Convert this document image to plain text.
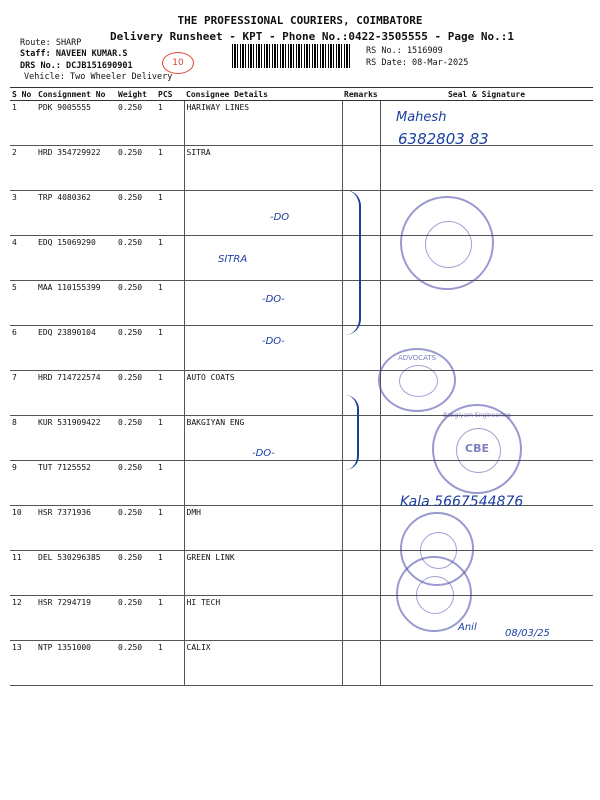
THE PROFESSIONAL COURIERS, COIMBATORE
Delivery Runsheet - KPT - Phone No.:0422-3505555 - Page No.:1
Route: SHARP
Staff: NAVEEN KUMAR.S
DRS No.: DCJB151690901
Vehicle: Two Wheeler Delivery
RS No.: 1516909
RS Date: 08-Mar-2025
10
S No	Consignment No	Weight	PCS	Consignee Details	Remarks	Seal & Signature
1	PDK 9005555	0.250	1	HARIWAY LINES		
2	HRD 354729922	0.250	1	SITRA		
3	TRP 4080362	0.250	1			
4	EDQ 15069290	0.250	1			
5	MAA 110155399	0.250	1			
6	EDQ 23890104	0.250	1			
7	HRD 714722574	0.250	1	AUTO COATS		
8	KUR 531909422	0.250	1	BAKGIYAN ENG		
9	TUT 7125552	0.250	1			
10	HSR 7371936	0.250	1	DMH		
11	DEL 530296385	0.250	1	GREEN LINK		
12	HSR 7294719	0.250	1	HI TECH		
13	NTP 1351000	0.250	1	CALIX		
Mahesh
6382803 83
-DO
SITRA
-DO-
-DO-
-DO-
Kala 5667544876
08/03/25
Anil
ADVOCATS
Bakgiyam Engineering
CBE
